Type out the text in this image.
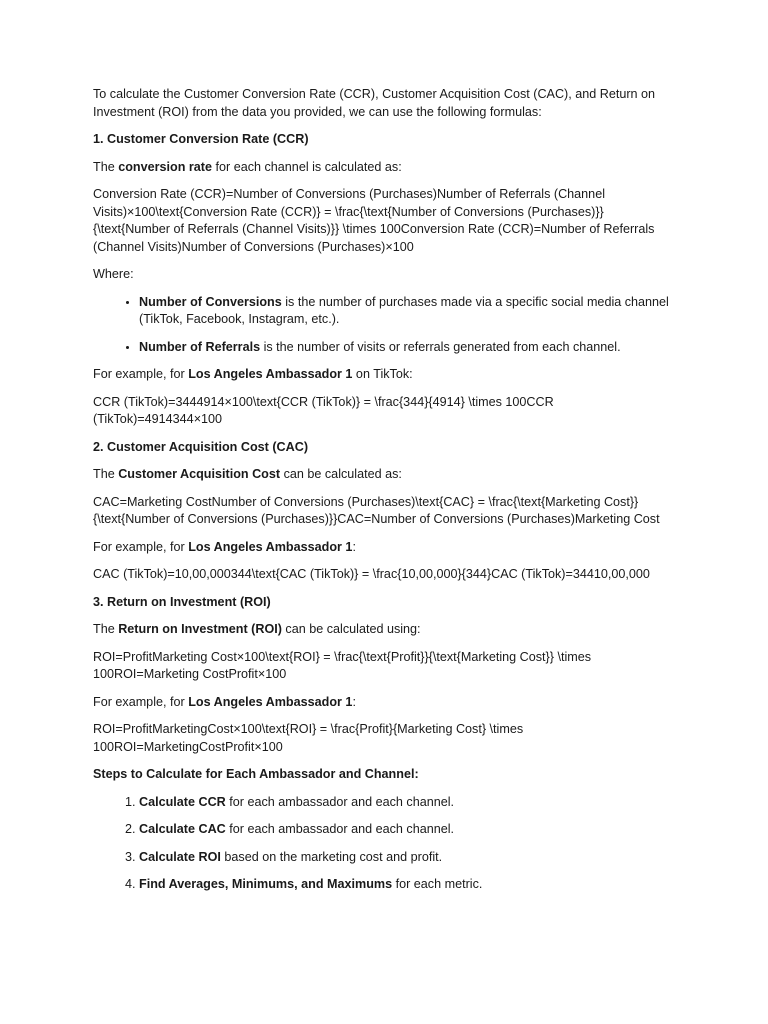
To calculate the Customer Conversion Rate (CCR), Customer Acquisition Cost (CAC), and Return on Investment (ROI) from the data you provided, we can use the following formulas:

1. Customer Conversion Rate (CCR)

The conversion rate for each channel is calculated as:

Conversion Rate (CCR)=Number of Conversions (Purchases)Number of Referrals (Channel Visits)×100\text{Conversion Rate (CCR)} = \frac{\text{Number of Conversions (Purchases)}}{\text{Number of Referrals (Channel Visits)}} \times 100Conversion Rate (CCR)=Number of Referrals (Channel Visits)Number of Conversions (Purchases)×100

Where:

• Number of Conversions is the number of purchases made via a specific social media channel (TikTok, Facebook, Instagram, etc.).
• Number of Referrals is the number of visits or referrals generated from each channel.

For example, for Los Angeles Ambassador 1 on TikTok:

CCR (TikTok)=3444914×100\text{CCR (TikTok)} = \frac{344}{4914} \times 100CCR (TikTok)=4914344×100

2. Customer Acquisition Cost (CAC)

The Customer Acquisition Cost can be calculated as:

CAC=Marketing CostNumber of Conversions (Purchases)\text{CAC} = \frac{\text{Marketing Cost}}{\text{Number of Conversions (Purchases)}}CAC=Number of Conversions (Purchases)Marketing Cost

For example, for Los Angeles Ambassador 1:

CAC (TikTok)=10,00,000344\text{CAC (TikTok)} = \frac{10,00,000}{344}CAC (TikTok)=34410,00,000

3. Return on Investment (ROI)

The Return on Investment (ROI) can be calculated using:

ROI=ProfitMarketing Cost×100\text{ROI} = \frac{\text{Profit}}{\text{Marketing Cost}} \times 100ROI=Marketing CostProfit×100

For example, for Los Angeles Ambassador 1:

ROI=ProfitMarketingCost×100\text{ROI} = \frac{Profit}{Marketing Cost} \times 100ROI=MarketingCostProfit×100

Steps to Calculate for Each Ambassador and Channel:

1. Calculate CCR for each ambassador and each channel.
2. Calculate CAC for each ambassador and each channel.
3. Calculate ROI based on the marketing cost and profit.
4. Find Averages, Minimums, and Maximums for each metric.
